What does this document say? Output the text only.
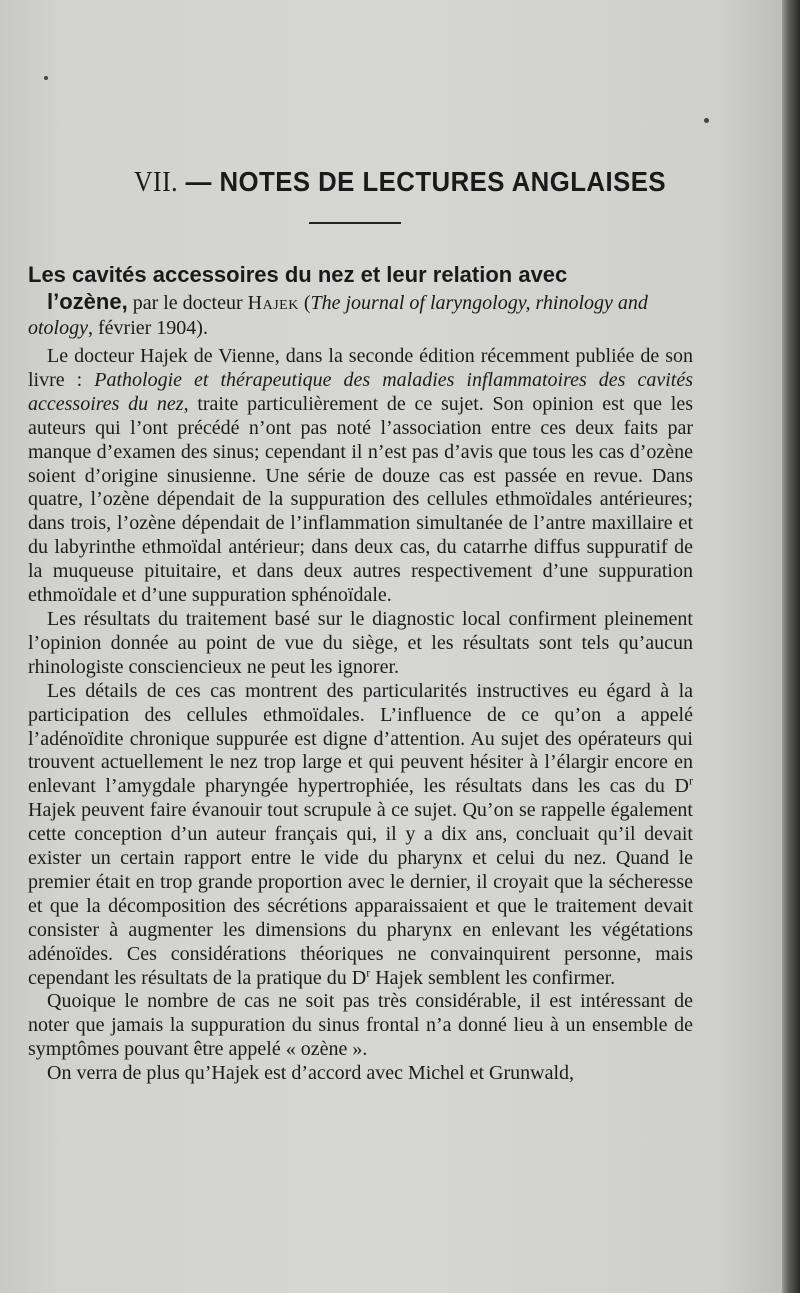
VII. — NOTES DE LECTURES ANGLAISES

Les cavités accessoires du nez et leur relation avec
l’ozène, par le docteur Hajek (The journal of laryngology, rhinology and otology, février 1904).

Le docteur Hajek de Vienne, dans la seconde édition récemment publiée de son livre : Pathologie et thérapeutique des maladies inflammatoires des cavités accessoires du nez, traite particulièrement de ce sujet. Son opinion est que les auteurs qui l’ont précédé n’ont pas noté l’association entre ces deux faits par manque d’examen des sinus; cependant il n’est pas d’avis que tous les cas d’ozène soient d’origine sinusienne. Une série de douze cas est passée en revue. Dans quatre, l’ozène dépendait de la suppuration des cellules ethmoïdales antérieures; dans trois, l’ozène dépendait de l’inflammation simultanée de l’antre maxillaire et du labyrinthe ethmoïdal antérieur; dans deux cas, du catarrhe diffus suppuratif de la muqueuse pituitaire, et dans deux autres respectivement d’une suppuration ethmoïdale et d’une suppuration sphénoïdale.

Les résultats du traitement basé sur le diagnostic local confirment pleinement l’opinion donnée au point de vue du siège, et les résultats sont tels qu’aucun rhinologiste consciencieux ne peut les ignorer.

Les détails de ces cas montrent des particularités instructives eu égard à la participation des cellules ethmoïdales. L’influence de ce qu’on a appelé l’adénoïdite chronique suppurée est digne d’attention. Au sujet des opérateurs qui trouvent actuellement le nez trop large et qui peuvent hésiter à l’élargir encore en enlevant l’amygdale pharyngée hypertrophiée, les résultats dans les cas du $D^r$ Hajek peuvent faire évanouir tout scrupule à ce sujet. Qu’on se rappelle également cette conception d’un auteur français qui, il y a dix ans, concluait qu’il devait exister un certain rapport entre le vide du pharynx et celui du nez. Quand le premier était en trop grande proportion avec le dernier, il croyait que la sécheresse et que la décomposition des sécrétions apparaissaient et que le traitement devait consister à augmenter les dimensions du pharynx en enlevant les végétations adénoïdes. Ces considérations théoriques ne convainquirent personne, mais cependant les résultats de la pratique du $D^r$ Hajek semblent les confirmer.

Quoique le nombre de cas ne soit pas très considérable, il est intéressant de noter que jamais la suppuration du sinus frontal n’a donné lieu à un ensemble de symptômes pouvant être appelé « ozène ».

On verra de plus qu’Hajek est d’accord avec Michel et Grunwald,
